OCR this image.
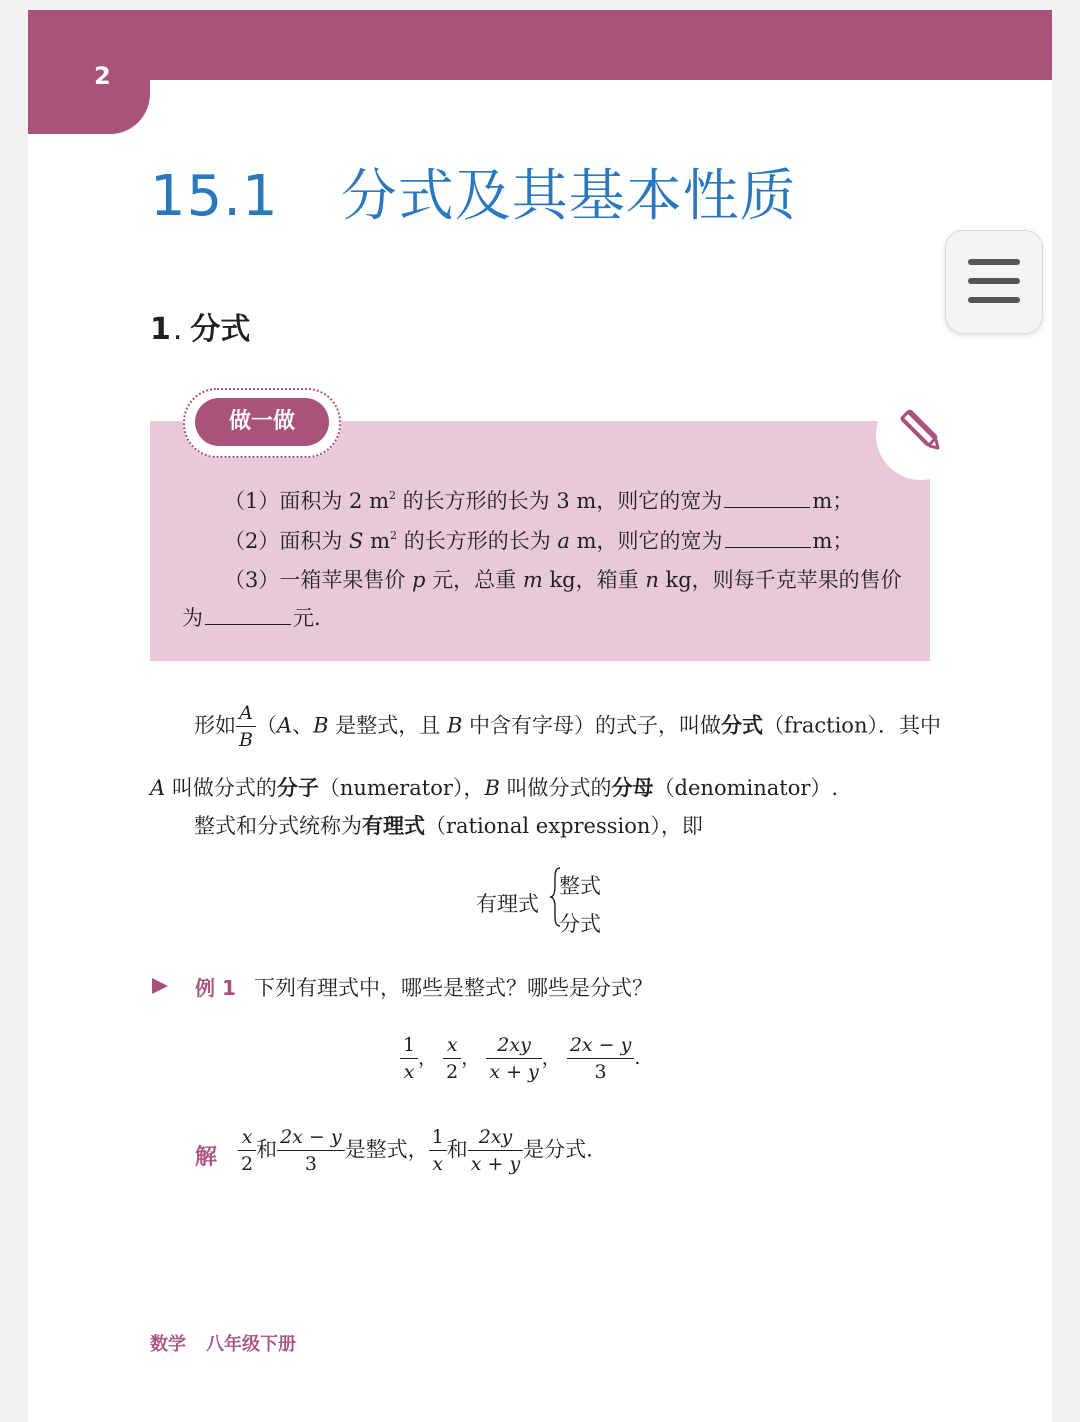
2
15.1 分式及其基本性质
1. 分式
做一做
（1）面积为 2 $m^2$ 的长方形的长为 3 m，则它的宽为	m；
（2）面积为 S $m^2$ 的长方形的长为 a m，则它的宽为	m；
（3）一箱苹果售价 p 元，总重 m kg，箱重 n kg，则每千克苹果的售价
为	元.
形如 $\frac{A}{B} (A$、B 是整式，且 B 中含有字母）的式子，叫做分式（fraction）．其中
A 叫做分式的分子（numerator），B 叫做分式的分母（denominator）.
整式和分式统称为有理式（rational expression），即
有理式
整式
分式
例 1 下列有理式中，哪些是整式？哪些是分式？
$\frac{1}{x}$ ， $\frac{x}{2}$ ， $\frac{2xy}{x + y}$ ， $\frac{2x - y}{3}$ .
解 $\frac{x}{2}$ 和 $\frac{2x - y}{3}$ 是整式， $\frac{1}{x}$ 和 $\frac{2xy}{x + y}$ 是分式.
数学 八年级下册
